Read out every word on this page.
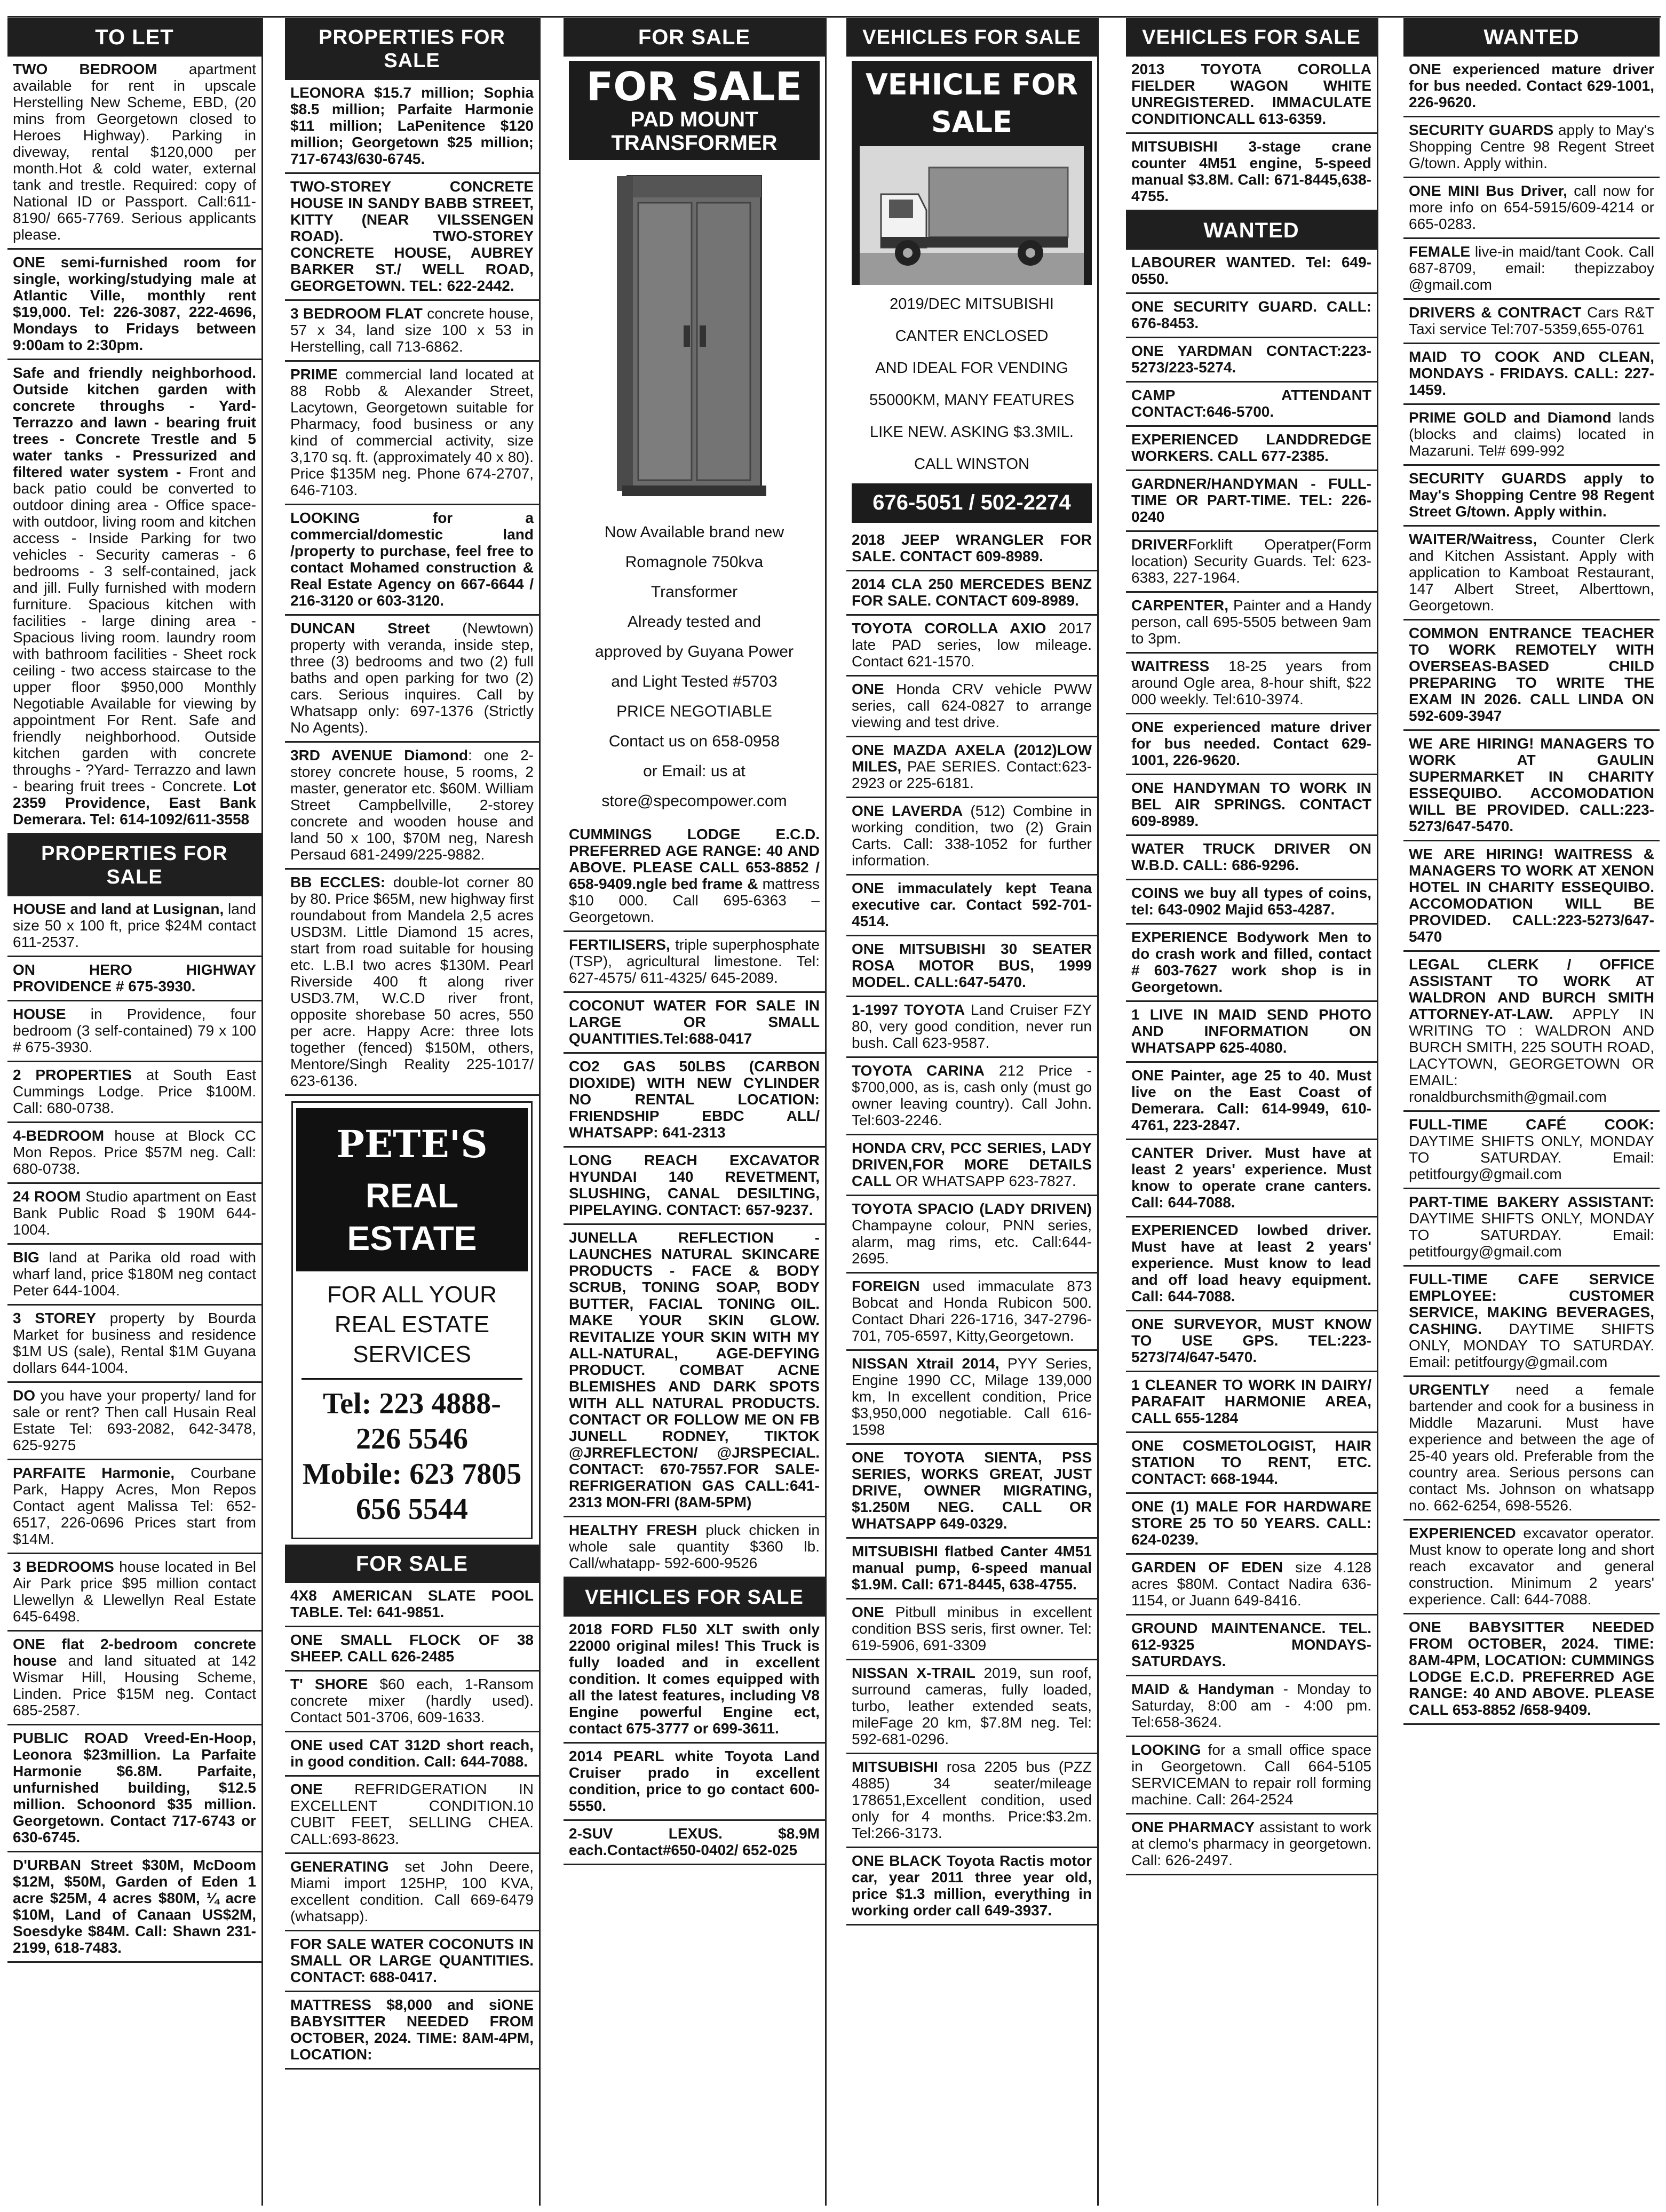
TO LET
TWO BEDROOM apartment available for rent in upscale Herstelling New Scheme, EBD, (20 mins from Georgetown closed to Heroes Highway). Parking in diveway, rental $120,000 per month.Hot & cold water, external tank and trestle. Required: copy of National ID or Passport. Call:611-8190/ 665-7769. Serious applicants please.
ONE semi-furnished room for single, working/studying male at Atlantic Ville, monthly rent $19,000. Tel: 226-3087, 222-4696, Mondays to Fridays between 9:00am to 2:30pm.
Safe and friendly neighborhood. Outside kitchen garden with concrete throughs - Yard- Terrazzo and lawn - bearing fruit trees - Concrete Trestle and 5 water tanks - Pressurized and filtered water system - Front and back patio could be converted to outdoor dining area - Office space- with outdoor, living room and kitchen access - Inside Parking for two vehicles - Security cameras - 6 bedrooms - 3 self-contained, jack and jill. Fully furnished with modern furniture. Spacious kitchen with facilities - large dining area - Spacious living room. laundry room with bathroom facilities - Sheet rock ceiling - two access staircase to the upper floor $950,000 Monthly Negotiable Available for viewing by appointment For Rent. Safe and friendly neighborhood. Outside kitchen garden with concrete throughs - ?Yard- Terrazzo and lawn - bearing fruit trees - Concrete. Lot 2359 Providence, East Bank Demerara. Tel: 614-1092/611-3558
PROPERTIES FOR SALE
HOUSE and land at Lusignan, land size 50 x 100 ft, price $24M contact 611-2537.
ON HERO HIGHWAY PROVIDENCE # 675-3930.
HOUSE in Providence, four bedroom (3 self-contained) 79 x 100 # 675-3930.
2 PROPERTIES at South East Cummings Lodge. Price $100M. Call: 680-0738.
4-BEDROOM house at Block CC Mon Repos. Price $57M neg. Call: 680-0738.
24 ROOM Studio apartment on East Bank Public Road $ 190M 644-1004.
BIG land at Parika old road with wharf land, price $180M neg contact Peter 644-1004.
3 STOREY property by Bourda Market for business and residence $1M US (sale), Rental $1M Guyana dollars 644-1004.
DO you have your property/ land for sale or rent? Then call Husain Real Estate Tel: 693-2082, 642-3478, 625-9275
PARFAITE Harmonie, Courbane Park, Happy Acres, Mon Repos Contact agent Malissa Tel: 652-6517, 226-0696 Prices start from $14M.
3 BEDROOMS house located in Bel Air Park price $95 million contact Llewellyn & Llewellyn Real Estate 645-6498.
ONE flat 2-bedroom concrete house and land situated at 142 Wismar Hill, Housing Scheme, Linden. Price $15M neg. Contact 685-2587.
PUBLIC ROAD Vreed-En-Hoop, Leonora $23million. La Parfaite Harmonie $6.8M. Parfaite, unfurnished building, $12.5 million. Schoonord $35 million. Georgetown. Contact 717-6743 or 630-6745.
D'URBAN Street $30M, McDoom $12M, $50M, Garden of Eden 1 acre $25M, 4 acres $80M, ¼ acre $10M, Land of Canaan US$2M, Soesdyke $84M. Call: Shawn 231-2199, 618-7483.
PROPERTIES FOR SALE
LEONORA $15.7 million; Sophia $8.5 million; Parfaite Harmonie $11 million; LaPenitence $120 million; Georgetown $25 million; 717-6743/630-6745.
TWO-STOREY CONCRETE HOUSE IN SANDY BABB STREET, KITTY (NEAR VILSSENGEN ROAD). TWO-STOREY CONCRETE HOUSE, AUBREY BARKER ST./ WELL ROAD, GEORGETOWN. TEL: 622-2442.
3 BEDROOM FLAT concrete house, 57 x 34, land size 100 x 53 in Herstelling, call 713-6862.
PRIME commercial land located at 88 Robb & Alexander Street, Lacytown, Georgetown suitable for Pharmacy, food business or any kind of commercial activity, size 3,170 sq. ft. (approximately 40 x 80). Price $135M neg. Phone 674-2707, 646-7103.
LOOKING for a commercial/domestic land /property to purchase, feel free to contact Mohamed construction & Real Estate Agency on 667-6644 / 216-3120 or 603-3120.
DUNCAN Street (Newtown) property with veranda, inside step, three (3) bedrooms and two (2) full baths and open parking for two (2) cars. Serious inquires. Call by Whatsapp only: 697-1376 (Strictly No Agents).
3RD AVENUE Diamond: one 2-storey concrete house, 5 rooms, 2 master, generator etc. $60M. William Street Campbellville, 2-storey concrete and wooden house and land 50 x 100, $70M neg, Naresh Persaud 681-2499/225-9882.
BB ECCLES: double-lot corner 80 by 80. Price $65M, new highway first roundabout from Mandela 2,5 acres USD3M. Little Diamond 15 acres, start from road suitable for housing etc. L.B.I two acres $130M. Pearl Riverside 400 ft along river USD3.7M, W.C.D river front, opposite shorebase 50 acres, 550 per acre. Happy Acre: three lots together (fenced) $150M, others, Mentore/Singh Reality 225-1017/ 623-6136.
PETE'S
REAL ESTATE
FOR ALL YOUR REAL ESTATE SERVICES
Tel: 223 4888-
226 5546
Mobile: 623 7805
656 5544
FOR SALE
4X8 AMERICAN SLATE POOL TABLE. Tel: 641-9851.
ONE SMALL FLOCK OF 38 SHEEP. CALL 626-2485
T' SHORE $60 each, 1-Ransom concrete mixer (hardly used). Contact 501-3706, 609-1633.
ONE used CAT 312D short reach, in good condition. Call: 644-7088.
ONE REFRIDGERATION IN EXCELLENT CONDITION.10 CUBIT FEET, SELLING CHEA. CALL:693-8623.
GENERATING set John Deere, Miami import 125HP, 100 KVA, excellent condition. Call 669-6479 (whatsapp).
FOR SALE WATER COCONUTS IN SMALL OR LARGE QUANTITIES. CONTACT: 688-0417.
MATTRESS $8,000 and siONE BABYSITTER NEEDED FROM OCTOBER, 2024. TIME: 8AM-4PM, LOCATION:
FOR SALE
FOR SALE
PAD MOUNT TRANSFORMER
Now Available brand new
Romagnole 750kva
Transformer
Already tested and
approved by Guyana Power
and Light Tested #5703
PRICE NEGOTIABLE
Contact us on 658-0958
or Email: us at
store@specompower.com
CUMMINGS LODGE E.C.D. PREFERRED AGE RANGE: 40 AND ABOVE. PLEASE CALL 653-8852 / 658-9409.ngle bed frame & mattress $10 000. Call 695-6363 – Georgetown.
FERTILISERS, triple superphosphate (TSP), agricultural limestone. Tel: 627-4575/ 611-4325/ 645-2089.
COCONUT WATER FOR SALE IN LARGE OR SMALL QUANTITIES.Tel:688-0417
CO2 GAS 50LBS (CARBON DIOXIDE) WITH NEW CYLINDER NO RENTAL LOCATION: FRIENDSHIP EBDC ALL/ WHATSAPP: 641-2313
LONG REACH EXCAVATOR HYUNDAI 140 REVETMENT, SLUSHING, CANAL DESILTING, PIPELAYING. CONTACT: 657-9237.
JUNELLA REFLECTION - LAUNCHES NATURAL SKINCARE PRODUCTS - FACE & BODY SCRUB, TONING SOAP, BODY BUTTER, FACIAL TONING OIL. MAKE YOUR SKIN GLOW. REVITALIZE YOUR SKIN WITH MY ALL-NATURAL, AGE-DEFYING PRODUCT. COMBAT ACNE BLEMISHES AND DARK SPOTS WITH ALL NATURAL PRODUCTS. CONTACT OR FOLLOW ME ON FB JUNELL RODNEY, TIKTOK @JRREFLECTON/ @JRSPECIAL. CONTACT: 670-7557.FOR SALE- REFRIGERATION GAS CALL:641-2313 MON-FRI (8AM-5PM)
HEALTHY FRESH pluck chicken in whole sale quantity $360 lb. Call/whatapp- 592-600-9526
VEHICLES FOR SALE
2018 FORD FL50 XLT swith only 22000 original miles! This Truck is fully loaded and in excellent condition. It comes equipped with all the latest features, including V8 Engine powerful Engine ect, contact 675-3777 or 699-3611.
2014 PEARL white Toyota Land Cruiser prado in excellent condition, price to go contact 600-5550.
2-SUV LEXUS. $8.9M each.Contact#650-0402/ 652-025
VEHICLES FOR SALE
VEHICLE FOR SALE
2019/DEC MITSUBISHI
CANTER ENCLOSED
AND IDEAL FOR VENDING
55000KM, MANY FEATURES
LIKE NEW. ASKING $3.3MIL.
CALL WINSTON
676-5051 / 502-2274
2018 JEEP WRANGLER FOR SALE. CONTACT 609-8989.
2014 CLA 250 MERCEDES BENZ FOR SALE. CONTACT 609-8989.
TOYOTA COROLLA AXIO 2017 late PAD series, low mileage. Contact 621-1570.
ONE Honda CRV vehicle PWW series, call 624-0827 to arrange viewing and test drive.
ONE MAZDA AXELA (2012)LOW MILES, PAE SERIES. Contact:623-2923 or 225-6181.
ONE LAVERDA (512) Combine in working condition, two (2) Grain Carts. Call: 338-1052 for further information.
ONE immaculately kept Teana executive car. Contact 592-701-4514.
ONE MITSUBISHI 30 SEATER ROSA MOTOR BUS, 1999 MODEL. CALL:647-5470.
1-1997 TOYOTA Land Cruiser FZY 80, very good condition, never run bush. Call 623-9587.
TOYOTA CARINA 212 Price - $700,000, as is, cash only (must go owner leaving country). Call John. Tel:603-2246.
HONDA CRV, PCC SERIES, LADY DRIVEN,FOR MORE DETAILS CALL OR WHATSAPP 623-7827.
TOYOTA SPACIO (LADY DRIVEN) Champayne colour, PNN series, alarm, mag rims, etc. Call:644-2695.
FOREIGN used immaculate 873 Bobcat and Honda Rubicon 500. Contact Dhari 226-1716, 347-2796-701, 705-6597, Kitty,Georgetown.
NISSAN Xtrail 2014, PYY Series, Engine 1990 CC, Milage 139,000 km, In excellent condition, Price $3,950,000 negotiable. Call 616-1598
ONE TOYOTA SIENTA, PSS SERIES, WORKS GREAT, JUST DRIVE, OWNER MIGRATING, $1.250M NEG. CALL OR WHATSAPP 649-0329.
MITSUBISHI flatbed Canter 4M51 manual pump, 6-speed manual $1.9M. Call: 671-8445, 638-4755.
ONE Pitbull minibus in excellent condition BSS seris, first owner. Tel: 619-5906, 691-3309
NISSAN X-TRAIL 2019, sun roof, surround cameras, fully loaded, turbo, leather extended seats, mileFage 20 km, $7.8M neg. Tel: 592-681-0296.
MITSUBISHI rosa 2205 bus (PZZ 4885) 34 seater/mileage 178651,Excellent condition, used only for 4 months. Price:$3.2m. Tel:266-3173.
ONE BLACK Toyota Ractis motor car, year 2011 three year old, price $1.3 million, everything in working order call 649-3937.
VEHICLES FOR SALE
2013 TOYOTA COROLLA FIELDER WAGON WHITE UNREGISTERED. IMMACULATE CONDITIONCALL 613-6359.
MITSUBISHI 3-stage crane counter 4M51 engine, 5-speed manual $3.8M. Call: 671-8445,638-4755.
WANTED
LABOURER WANTED. Tel: 649-0550.
ONE SECURITY GUARD. CALL: 676-8453.
ONE YARDMAN CONTACT:223-5273/223-5274.
CAMP ATTENDANT CONTACT:646-5700.
EXPERIENCED LANDDREDGE WORKERS. CALL 677-2385.
GARDNER/HANDYMAN - FULL-TIME OR PART-TIME. TEL: 226-0240
DRIVERForklift Operatper(Form location) Security Guards. Tel: 623-6383, 227-1964.
CARPENTER, Painter and a Handy person, call 695-5505 between 9am to 3pm.
WAITRESS 18-25 years from around Ogle area, 8-hour shift, $22 000 weekly. Tel:610-3974.
ONE experienced mature driver for bus needed. Contact 629-1001, 226-9620.
ONE HANDYMAN TO WORK IN BEL AIR SPRINGS. CONTACT 609-8989.
WATER TRUCK DRIVER ON W.B.D. CALL: 686-9296.
COINS we buy all types of coins, tel: 643-0902 Majid 653-4287.
EXPERIENCE Bodywork Men to do crash work and filled, contact # 603-7627 work shop is in Georgetown.
1 LIVE IN MAID SEND PHOTO AND INFORMATION ON WHATSAPP 625-4080.
ONE Painter, age 25 to 40. Must live on the East Coast of Demerara. Call: 614-9949, 610-4761, 223-2847.
CANTER Driver. Must have at least 2 years' experience. Must know to operate crane canters. Call: 644-7088.
EXPERIENCED lowbed driver. Must have at least 2 years' experience. Must know to lead and off load heavy equipment. Call: 644-7088.
ONE SURVEYOR, MUST KNOW TO USE GPS. TEL:223-5273/74/647-5470.
1 CLEANER TO WORK IN DAIRY/ PARAFAIT HARMONIE AREA, CALL 655-1284
ONE COSMETOLOGIST, HAIR STATION TO RENT, ETC. CONTACT: 668-1944.
ONE (1) MALE FOR HARDWARE STORE 25 TO 50 YEARS. CALL: 624-0239.
GARDEN OF EDEN size 4.128 acres $80M. Contact Nadira 636-1154, or Juann 649-8416.
GROUND MAINTENANCE. TEL. 612-9325 MONDAYS-SATURDAYS.
MAID & Handyman - Monday to Saturday, 8:00 am - 4:00 pm. Tel:658-3624.
LOOKING for a small office space in Georgetown. Call 664-5105 SERVICEMAN to repair roll forming machine. Call: 264-2524
ONE PHARMACY assistant to work at clemo's pharmacy in georgetown. Call: 626-2497.
WANTED
ONE experienced mature driver for bus needed. Contact 629-1001, 226-9620.
SECURITY GUARDS apply to May's Shopping Centre 98 Regent Street G/town. Apply within.
ONE MINI Bus Driver, call now for more info on 654-5915/609-4214 or 665-0283.
FEMALE live-in maid/tant Cook. Call 687-8709, email: thepizzaboy @gmail.com
DRIVERS & CONTRACT Cars R&T Taxi service Tel:707-5359,655-0761
MAID TO COOK AND CLEAN, MONDAYS - FRIDAYS. CALL: 227-1459.
PRIME GOLD and Diamond lands (blocks and claims) located in Mazaruni. Tel# 699-992
SECURITY GUARDS apply to May's Shopping Centre 98 Regent Street G/town. Apply within.
WAITER/Waitress, Counter Clerk and Kitchen Assistant. Apply with application to Kamboat Restaurant, 147 Albert Street, Alberttown, Georgetown.
COMMON ENTRANCE TEACHER TO WORK REMOTELY WITH OVERSEAS-BASED CHILD PREPARING TO WRITE THE EXAM IN 2026. CALL LINDA ON 592-609-3947
WE ARE HIRING! MANAGERS TO WORK AT GAULIN SUPERMARKET IN CHARITY ESSEQUIBO. ACCOMODATION WILL BE PROVIDED. CALL:223-5273/647-5470.
WE ARE HIRING! WAITRESS & MANAGERS TO WORK AT XENON HOTEL IN CHARITY ESSEQUIBO. ACCOMODATION WILL BE PROVIDED. CALL:223-5273/647-5470
LEGAL CLERK / OFFICE ASSISTANT TO WORK AT WALDRON AND BURCH SMITH ATTORNEY-AT-LAW. APPLY IN WRITING TO : WALDRON AND BURCH SMITH, 225 SOUTH ROAD, LACYTOWN, GEORGETOWN OR EMAIL: ronaldburchsmith@gmail.com
FULL-TIME CAFÉ COOK: DAYTIME SHIFTS ONLY, MONDAY TO SATURDAY. Email: petitfourgy@gmail.com
PART-TIME BAKERY ASSISTANT: DAYTIME SHIFTS ONLY, MONDAY TO SATURDAY. Email: petitfourgy@gmail.com
FULL-TIME CAFE SERVICE EMPLOYEE: CUSTOMER SERVICE, MAKING BEVERAGES, CASHING. DAYTIME SHIFTS ONLY, MONDAY TO SATURDAY. Email: petitfourgy@gmail.com
URGENTLY need a female bartender and cook for a business in Middle Mazaruni. Must have experience and between the age of 25-40 years old. Preferable from the country area. Serious persons can contact Ms. Johnson on whatsapp no. 662-6254, 698-5526.
EXPERIENCED excavator operator. Must know to operate long and short reach excavator and general construction. Minimum 2 years' experience. Call: 644-7088.
ONE BABYSITTER NEEDED FROM OCTOBER, 2024. TIME: 8AM-4PM, LOCATION: CUMMINGS LODGE E.C.D. PREFERRED AGE RANGE: 40 AND ABOVE. PLEASE CALL 653-8852 /658-9409.
